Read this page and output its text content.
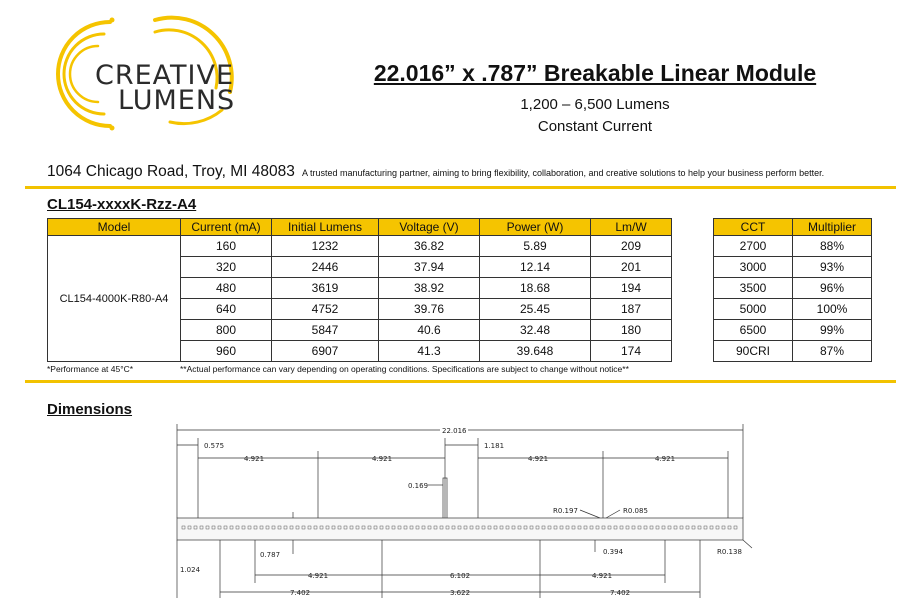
CREATIVE
LUMENS
22.016” x .787” Breakable Linear Module
1,200 – 6,500 Lumens
Constant Current
1064 Chicago Road, Troy, MI 48083 A trusted manufacturing partner, aiming to bring flexibility, collaboration, and creative solutions to help your business perform better.
CL154-xxxxK-Rzz-A4
Model	Current (mA)	Initial Lumens	Voltage (V)	Power (W)	Lm/W
CL154-4000K-R80-A4	160	1232	36.82	5.89	209
	320	2446	37.94	12.14	201
	480	3619	38.92	18.68	194
	640	4752	39.76	25.45	187
	800	5847	40.6	32.48	180
	960	6907	41.3	39.648	174
CCT	Multiplier
2700	88%
3000	93%
3500	96%
5000	100%
6500	99%
90CRI	87%
*Performance at 45°C*	**Actual performance can vary depending on operating conditions. Specifications are subject to change without notice**
Dimensions
22.016
0.575
4.921	4.921
1.181
4.921	4.921
0.169
R0.197	R0.085
0.787	0.394	R0.138
1.024
4.921	6.102	4.921
7.402	3.622	7.402
